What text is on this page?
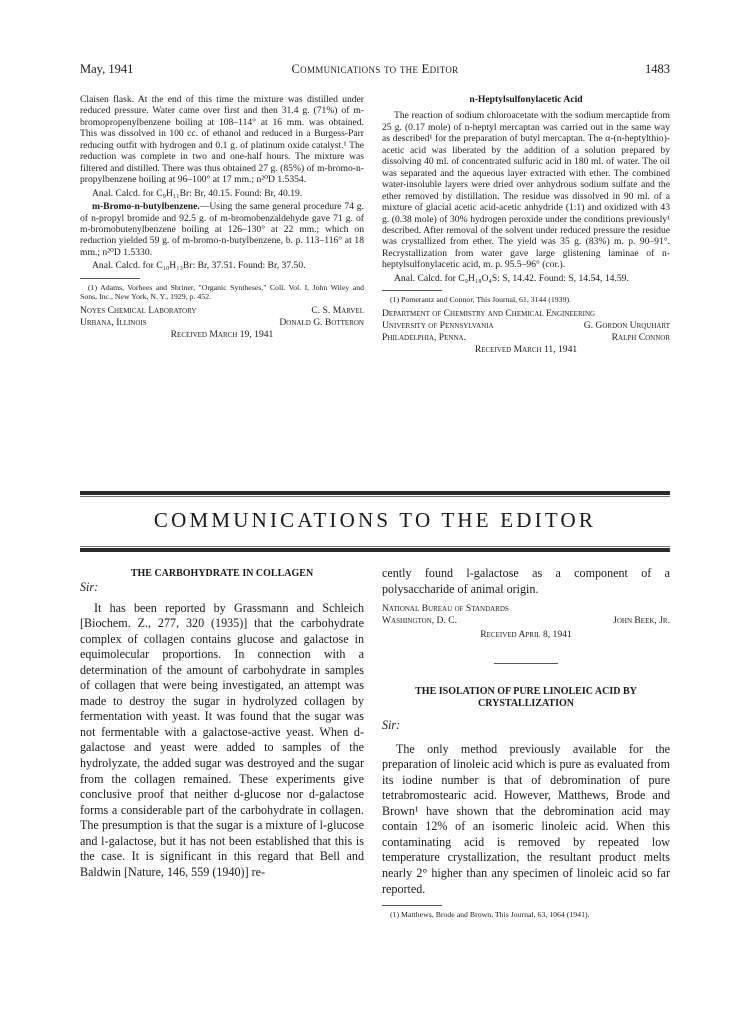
May, 1941	Communications to the Editor	1483

Claisen flask. At the end of this time the mixture was distilled under reduced pressure. Water came over first and then 31.4 g. (71%) of m-bromopropenylbenzene boiling at 108–114° at 16 mm. was obtained. This was dissolved in 100 cc. of ethanol and reduced in a Burgess-Parr reducing outfit with hydrogen and 0.1 g. of platinum oxide catalyst.¹ The reduction was complete in two and one-half hours. The mixture was filtered and distilled. There was thus obtained 27 g. (85%) of m-bromo-n-propylbenzene boiling at 96–100° at 17 mm.; n²⁰D 1.5354.

Anal. Calcd. for C₉H₁₁Br: Br, 40.15. Found: Br, 40.19.

m-Bromo-n-butylbenzene.—Using the same general procedure 74 g. of n-propyl bromide and 92.5 g. of m-bromobenzaldehyde gave 71 g. of m-bromobutenylbenzene boiling at 126–130° at 22 mm.; which on reduction yielded 59 g. of m-bromo-n-butylbenzene, b. p. 113–116° at 18 mm.; n²⁰D 1.5330.

Anal. Calcd. for C₁₀H₁₃Br: Br, 37.51. Found: Br, 37.50.

(1) Adams, Vorhees and Shriner, "Organic Syntheses," Coll. Vol. I, John Wiley and Sons, Inc., New York, N. Y., 1929, p. 452.

Noyes Chemical Laboratory	C. S. Marvel
Urbana, Illinois	Donald G. Botteron
Received March 19, 1941
n-Heptylsulfonylacetic Acid

The reaction of sodium chloroacetate with the sodium mercaptide from 25 g. (0.17 mole) of n-heptyl mercaptan was carried out in the same way as described¹ for the preparation of butyl mercaptan. The α-(n-heptylthio)-acetic acid was liberated by the addition of a solution prepared by dissolving 40 ml. of concentrated sulfuric acid in 180 ml. of water. The oil was separated and the aqueous layer extracted with ether. The combined water-insoluble layers were dried over anhydrous sodium sulfate and the ether removed by distillation. The residue was dissolved in 90 ml. of a mixture of glacial acetic acid-acetic anhydride (1:1) and oxidized with 43 g. (0.38 mole) of 30% hydrogen peroxide under the conditions previously¹ described. After removal of the solvent under reduced pressure the residue was crystallized from ether. The yield was 35 g. (83%) m. p. 90–91°. Recrystallization from water gave large glistening laminae of n-heptylsulfonylacetic acid, m. p. 95.5–96° (cor.).

Anal. Calcd. for C₉H₁₈O₄S: S, 14.42. Found: S, 14.54, 14.59.

(1) Pomerantz and Connor, This Journal, 61, 3144 (1939).

Department of Chemistry and Chemical Engineering
University of Pennsylvania	G. Gordon Urquhart
Philadelphia, Penna.	Ralph Connor
Received March 11, 1941
COMMUNICATIONS TO THE EDITOR

THE CARBOHYDRATE IN COLLAGEN

Sir:

It has been reported by Grassmann and Schleich [Biochem. Z., 277, 320 (1935)] that the carbohydrate complex of collagen contains glucose and galactose in equimolecular proportions. In connection with a determination of the amount of carbohydrate in samples of collagen that were being investigated, an attempt was made to destroy the sugar in hydrolyzed collagen by fermentation with yeast. It was found that the sugar was not fermentable with a galactose-active yeast. When d-galactose and yeast were added to samples of the hydrolyzate, the added sugar was destroyed and the sugar from the collagen remained. These experiments give conclusive proof that neither d-glucose nor d-galactose forms a considerable part of the carbohydrate in collagen. The presumption is that the sugar is a mixture of l-glucose and l-galactose, but it has not been established that this is the case. It is significant in this regard that Bell and Baldwin [Nature, 146, 559 (1940)] re-

cently found l-galactose as a component of a polysaccharide of animal origin.

National Bureau of Standards
Washington, D. C.	John Beek, Jr.
Received April 8, 1941

THE ISOLATION OF PURE LINOLEIC ACID BY CRYSTALLIZATION

Sir:

The only method previously available for the preparation of linoleic acid which is pure as evaluated from its iodine number is that of debromination of pure tetrabromostearic acid. However, Matthews, Brode and Brown¹ have shown that the debromination acid may contain 12% of an isomeric linoleic acid. When this contaminating acid is removed by repeated low temperature crystallization, the resultant product melts nearly 2° higher than any specimen of linoleic acid so far reported.

(1) Matthews, Brode and Brown, This Journal, 63, 1064 (1941).
